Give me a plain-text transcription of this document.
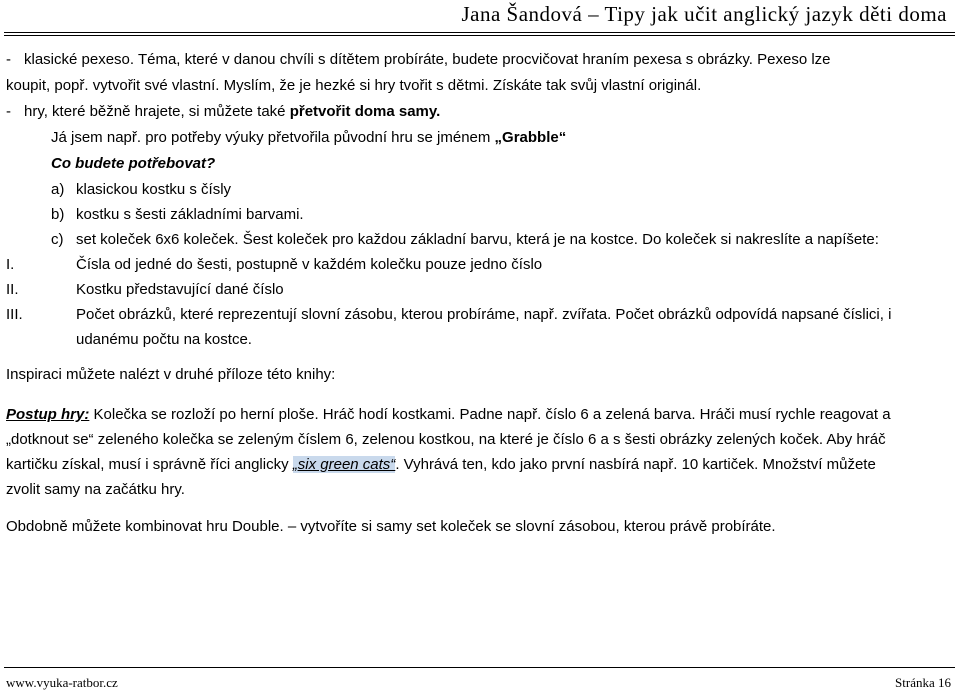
Jana Šandová – Tipy jak učit anglický jazyk děti doma
- klasické pexeso. Téma, které v danou chvíli s dítětem probíráte, budete procvičovat hraním pexesa s obrázky. Pexeso lze
koupit, popř. vytvořit své vlastní. Myslím, že je hezké si hry tvořit s dětmi. Získáte tak svůj vlastní originál.
- hry, které běžně hrajete, si můžete také přetvořit doma samy.
Já jsem např. pro potřeby výuky přetvořila původní hru se jménem „Grabble“
Co budete potřebovat?
a) klasickou kostku s čísly
b) kostku s šesti základními barvami.
c) set koleček 6x6 koleček. Šest koleček pro každou základní barvu, která je na kostce. Do koleček si nakreslíte a napíšete:
I.	Čísla od jedné do šesti, postupně v každém kolečku pouze jedno číslo
II.	Kostku představující dané číslo
III.	Počet obrázků, které reprezentují slovní zásobu, kterou probíráme, např. zvířata. Počet obrázků odpovídá napsané číslici, i
udanému počtu na kostce.
Inspiraci můžete nalézt v druhé příloze této knihy:
Postup hry: Kolečka se rozloží po herní ploše. Hráč hodí kostkami. Padne např. číslo 6 a zelená barva. Hráči musí rychle reagovat a
„dotknout se“ zeleného kolečka se zeleným číslem 6, zelenou kostkou, na které je číslo 6 a s šesti obrázky zelených koček. Aby hráč
kartičku získal, musí i správně říci anglicky „six green cats“. Vyhrává ten, kdo jako první nasbírá např. 10 kartiček. Množství můžete
zvolit samy na začátku hry.
Obdobně můžete kombinovat hru Double. – vytvoříte si samy set koleček se slovní zásobou, kterou právě probíráte.
www.vyuka-ratbor.cz	Stránka 16
